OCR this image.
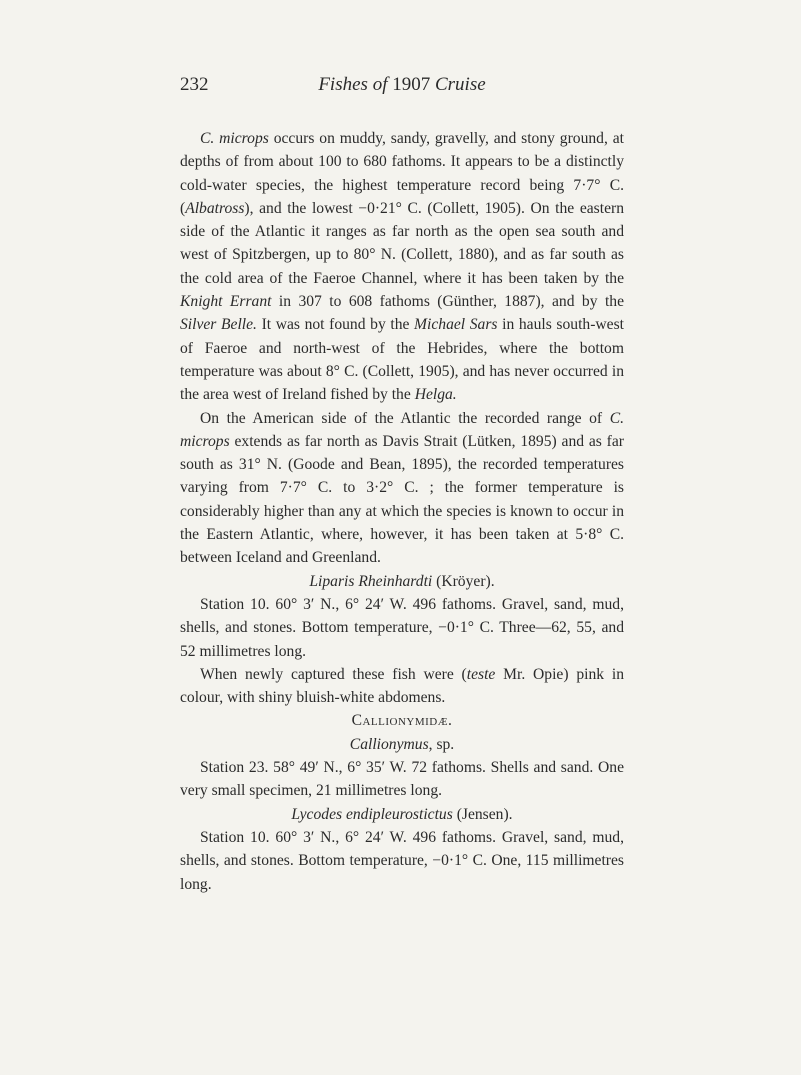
232	Fishes of 1907 Cruise

C. microps occurs on muddy, sandy, gravelly, and stony ground, at depths of from about 100 to 680 fathoms. It appears to be a distinctly cold-water species, the highest temperature record being 7·7° C. (Albatross), and the lowest −0·21° C. (Collett, 1905). On the eastern side of the Atlantic it ranges as far north as the open sea south and west of Spitzbergen, up to 80° N. (Collett, 1880), and as far south as the cold area of the Faeroe Channel, where it has been taken by the Knight Errant in 307 to 608 fathoms (Günther, 1887), and by the Silver Belle. It was not found by the Michael Sars in hauls south-west of Faeroe and north-west of the Hebrides, where the bottom temperature was about 8° C. (Collett, 1905), and has never occurred in the area west of Ireland fished by the Helga.

On the American side of the Atlantic the recorded range of C. microps extends as far north as Davis Strait (Lütken, 1895) and as far south as 31° N. (Goode and Bean, 1895), the recorded temperatures varying from 7·7° C. to 3·2° C. ; the former temperature is considerably higher than any at which the species is known to occur in the Eastern Atlantic, where, however, it has been taken at 5·8° C. between Iceland and Greenland.

Liparis Rheinhardti (Kröyer).

Station 10. 60° 3′ N., 6° 24′ W. 496 fathoms. Gravel, sand, mud, shells, and stones. Bottom temperature, −0·1° C. Three—62, 55, and 52 millimetres long.

When newly captured these fish were (teste Mr. Opie) pink in colour, with shiny bluish-white abdomens.

Callionymidæ.

Callionymus, sp.

Station 23. 58° 49′ N., 6° 35′ W. 72 fathoms. Shells and sand. One very small specimen, 21 millimetres long.

Lycodes endipleurostictus (Jensen).

Station 10. 60° 3′ N., 6° 24′ W. 496 fathoms. Gravel, sand, mud, shells, and stones. Bottom temperature, −0·1° C. One, 115 millimetres long.
